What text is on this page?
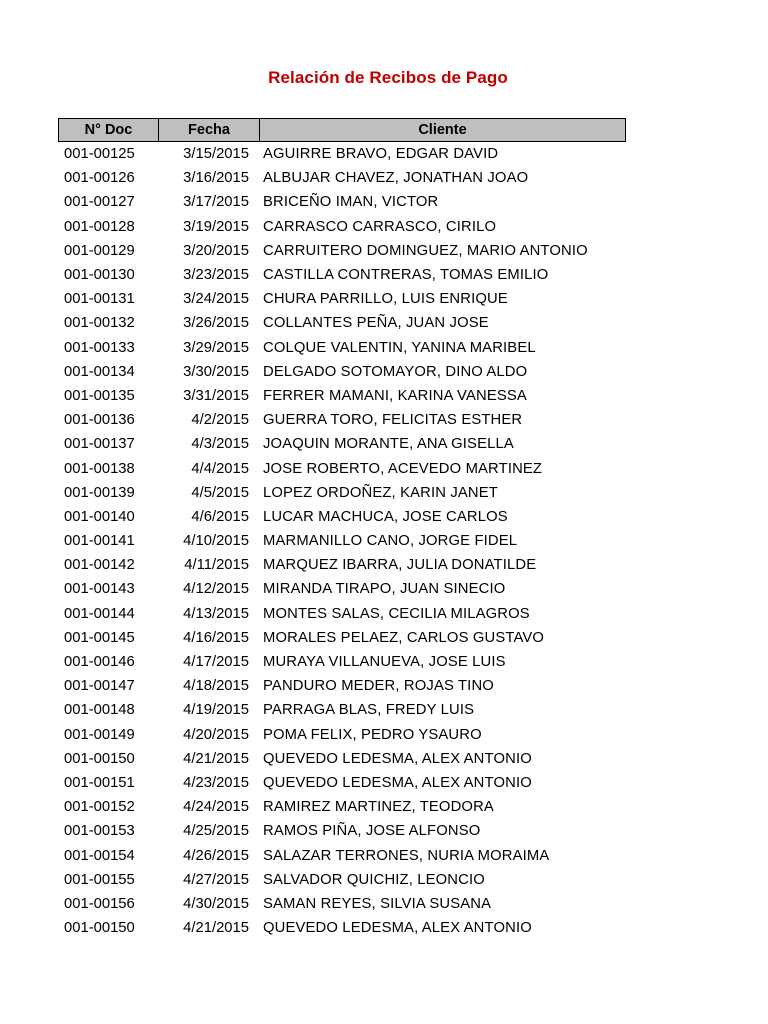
Relación de Recibos de Pago
N° Doc	Fecha	Cliente
001-00125	3/15/2015 AGUIRRE BRAVO, EDGAR DAVID
001-00126	3/16/2015 ALBUJAR CHAVEZ, JONATHAN JOAO
001-00127	3/17/2015 BRICEÑO IMAN, VICTOR
001-00128	3/19/2015 CARRASCO CARRASCO, CIRILO
001-00129	3/20/2015 CARRUITERO DOMINGUEZ, MARIO ANTONIO
001-00130	3/23/2015 CASTILLA CONTRERAS, TOMAS EMILIO
001-00131	3/24/2015 CHURA PARRILLO, LUIS ENRIQUE
001-00132	3/26/2015 COLLANTES PEÑA, JUAN JOSE
001-00133	3/29/2015 COLQUE VALENTIN, YANINA MARIBEL
001-00134	3/30/2015 DELGADO SOTOMAYOR, DINO ALDO
001-00135	3/31/2015 FERRER MAMANI, KARINA VANESSA
001-00136	4/2/2015 GUERRA TORO, FELICITAS ESTHER
001-00137	4/3/2015 JOAQUIN MORANTE, ANA GISELLA
001-00138	4/4/2015 JOSE ROBERTO, ACEVEDO MARTINEZ
001-00139	4/5/2015 LOPEZ ORDOÑEZ, KARIN JANET
001-00140	4/6/2015 LUCAR MACHUCA, JOSE CARLOS
001-00141	4/10/2015 MARMANILLO CANO, JORGE FIDEL
001-00142	4/11/2015 MARQUEZ IBARRA, JULIA DONATILDE
001-00143	4/12/2015 MIRANDA TIRAPO, JUAN SINECIO
001-00144	4/13/2015 MONTES SALAS, CECILIA MILAGROS
001-00145	4/16/2015 MORALES PELAEZ, CARLOS GUSTAVO
001-00146	4/17/2015 MURAYA VILLANUEVA, JOSE LUIS
001-00147	4/18/2015 PANDURO MEDER, ROJAS TINO
001-00148	4/19/2015 PARRAGA BLAS, FREDY LUIS
001-00149	4/20/2015 POMA FELIX, PEDRO YSAURO
001-00150	4/21/2015 QUEVEDO LEDESMA, ALEX ANTONIO
001-00151	4/23/2015 QUEVEDO LEDESMA, ALEX ANTONIO
001-00152	4/24/2015 RAMIREZ MARTINEZ, TEODORA
001-00153	4/25/2015 RAMOS PIÑA, JOSE ALFONSO
001-00154	4/26/2015 SALAZAR TERRONES, NURIA MORAIMA
001-00155	4/27/2015 SALVADOR QUICHIZ, LEONCIO
001-00156	4/30/2015 SAMAN REYES, SILVIA SUSANA
001-00150	4/21/2015 QUEVEDO LEDESMA, ALEX ANTONIO
